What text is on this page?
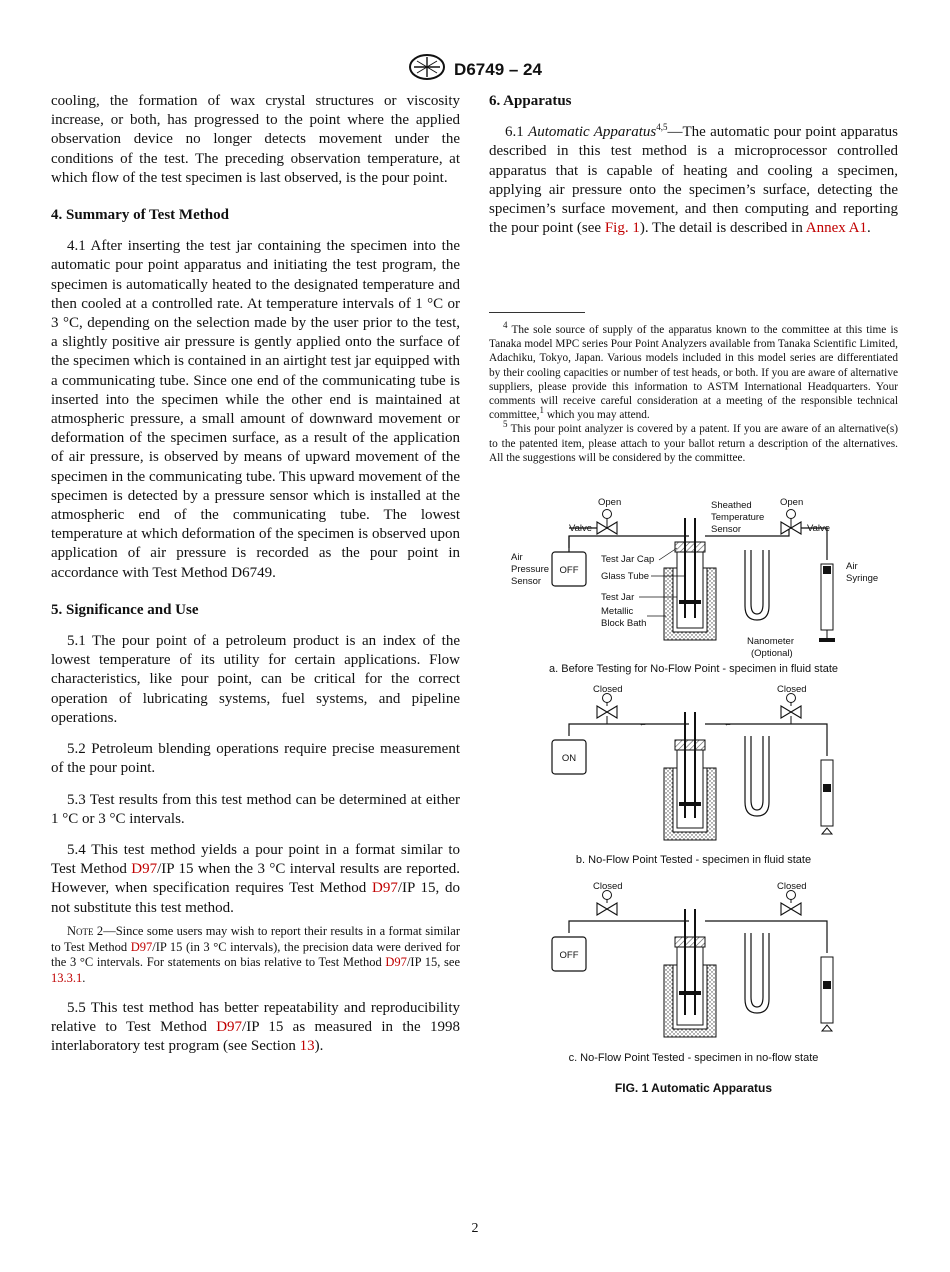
D6749 – 24

cooling, the formation of wax crystal structures or viscosity increase, or both, has progressed to the point where the applied observation device no longer detects movement under the conditions of the test. The preceding observation temperature, at which flow of the test specimen is last observed, is the pour point.

4. Summary of Test Method

4.1 After inserting the test jar containing the specimen into the automatic pour point apparatus and initiating the test program, the specimen is automatically heated to the designated temperature and then cooled at a controlled rate. At temperature intervals of 1 °C or 3 °C, depending on the selection made by the user prior to the test, a slightly positive air pressure is gently applied onto the surface of the specimen which is contained in an airtight test jar equipped with a communicating tube. Since one end of the communicating tube is inserted into the specimen while the other end is maintained at atmospheric pressure, a small amount of downward movement or deformation of the specimen surface, as a result of the application of air pressure, is observed by means of upward movement of the specimen in the communicating tube. This upward movement of the specimen is detected by a pressure sensor which is installed at the atmospheric end of the communicating tube. The lowest temperature at which deformation of the specimen is observed upon application of air pressure is recorded as the pour point in accordance with Test Method D6749.

5. Significance and Use

5.1 The pour point of a petroleum product is an index of the lowest temperature of its utility for certain applications. Flow characteristics, like pour point, can be critical for the correct operation of lubricating systems, fuel systems, and pipeline operations.

5.2 Petroleum blending operations require precise measurement of the pour point.

5.3 Test results from this test method can be determined at either 1 °C or 3 °C intervals.

5.4 This test method yields a pour point in a format similar to Test Method D97/IP 15 when the 3 °C interval results are reported. However, when specification requires Test Method D97/IP 15, do not substitute this test method.

Note 2—Since some users may wish to report their results in a format similar to Test Method D97/IP 15 (in 3 °C intervals), the precision data were derived for the 3 °C intervals. For statements on bias relative to Test Method D97/IP 15, see 13.3.1.

5.5 This test method has better repeatability and reproducibility relative to Test Method D97/IP 15 as measured in the 1998 interlaboratory test program (see Section 13).

6. Apparatus

6.1 Automatic Apparatus$^{4,5}$—The automatic pour point apparatus described in this test method is a microprocessor controlled apparatus that is capable of heating and cooling a specimen, applying air pressure onto the specimen’s surface, detecting the specimen’s surface movement, and then computing and reporting the pour point (see Fig. 1). The detail is described in Annex A1.

$^4$ The sole source of supply of the apparatus known to the committee at this time is Tanaka model MPC series Pour Point Analyzers available from Tanaka Scientific Limited, Adachiku, Tokyo, Japan. Various models included in this model series are differentiated by their cooling capacities or number of test heads, or both. If you are aware of alternative suppliers, please provide this information to ASTM International Headquarters. Your comments will receive careful consideration at a meeting of the responsible technical committee,$^1$ which you may attend.

$^5$ This pour point analyzer is covered by a patent. If you are aware of an alternative(s) to the patented item, please attach to your ballot return a description of the alternatives. All the suggestions will be considered by the committee.

OFF
Open
Valve
Sheathed
Temperature
Sensor
Open
Valve
Air
Pressure
Sensor
Test Jar Cap
Glass Tube
Test Jar
Metallic
Block Bath
Air
Syringe
Nanometer
(Optional)
ON
Closed	Closed
←	←
OFF
Closed	Closed
a. Before Testing for No-Flow Point - specimen in fluid state
b. No-Flow Point Tested - specimen in fluid state
c. No-Flow Point Tested - specimen in no-flow state
FIG. 1 Automatic Apparatus
2
